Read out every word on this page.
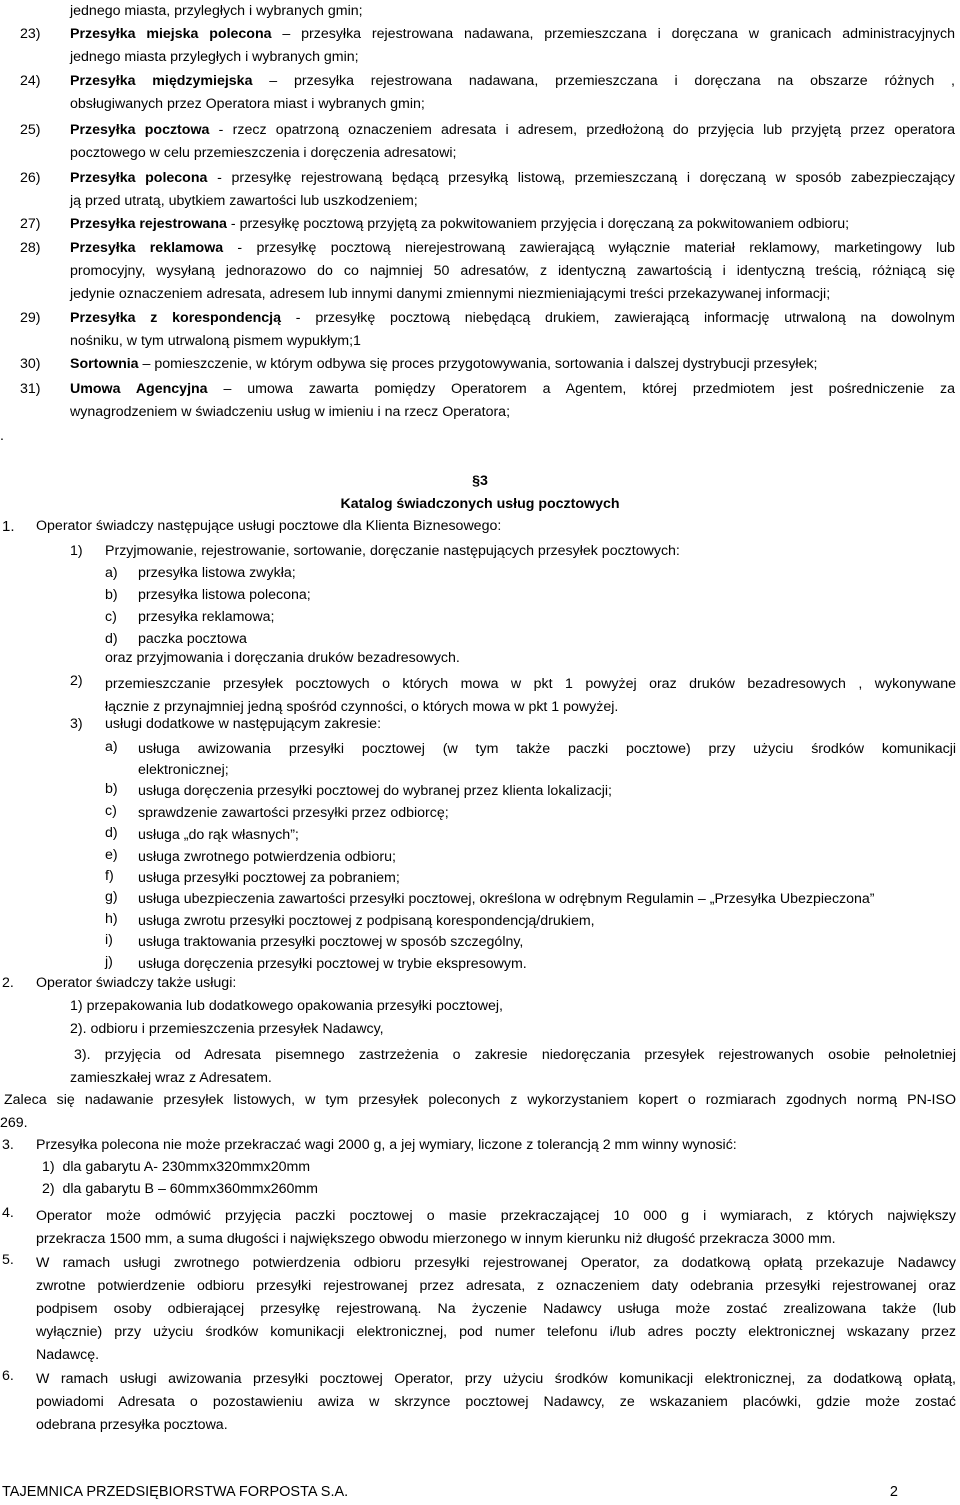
jednego miasta, przyległych i wybranych gmin;
23) Przesyłka miejska polecona – przesyłka rejestrowana nadawana, przemieszczana i doręczana w granicach administracyjnych
jednego miasta przyległych i wybranych gmin;
24) Przesyłka międzymiejska – przesyłka rejestrowana nadawana, przemieszczana i doręczana na obszarze różnych ,
obsługiwanych przez Operatora miast i wybranych gmin;
25) Przesyłka pocztowa - rzecz opatrzoną oznaczeniem adresata i adresem, przedłożoną do przyjęcia lub przyjętą przez operatora
pocztowego w celu przemieszczenia i doręczenia adresatowi;
26) Przesyłka polecona - przesyłkę rejestrowaną będącą przesyłką listową, przemieszczaną i doręczaną w sposób zabezpieczający
ją przed utratą, ubytkiem zawartości lub uszkodzeniem;
27) Przesyłka rejestrowana - przesyłkę pocztową przyjętą za pokwitowaniem przyjęcia i doręczaną za pokwitowaniem odbioru;
28) Przesyłka reklamowa - przesyłkę pocztową nierejestrowaną zawierającą wyłącznie materiał reklamowy, marketingowy lub
promocyjny, wysyłaną jednorazowo do co najmniej 50 adresatów, z identyczną zawartością i identyczną treścią, różniącą się
jedynie oznaczeniem adresata, adresem lub innymi danymi zmiennymi niezmieniającymi treści przekazywanej informacji;
29) Przesyłka z korespondencją - przesyłkę pocztową niebędącą drukiem, zawierającą informację utrwaloną na dowolnym
nośniku, w tym utrwaloną pismem wypukłym;1
30) Sortownia – pomieszczenie, w którym odbywa się proces przygotowywania, sortowania i dalszej dystrybucji przesyłek;
31) Umowa Agencyjna – umowa zawarta pomiędzy Operatorem a Agentem, której przedmiotem jest pośredniczenie za
wynagrodzeniem w świadczeniu usług w imieniu i na rzecz Operatora;
.
§3
Katalog świadczonych usług pocztowych
1. Operator świadczy następujące usługi pocztowe dla Klienta Biznesowego:
1) Przyjmowanie, rejestrowanie, sortowanie, doręczanie następujących przesyłek pocztowych:
a) przesyłka listowa zwykła;
b) przesyłka listowa polecona;
c) przesyłka reklamowa;
d) paczka pocztowa
oraz przyjmowania i doręczania druków bezadresowych.
2) przemieszczanie przesyłek pocztowych o których mowa w pkt 1 powyżej oraz druków bezadresowych , wykonywane
łącznie z przynajmniej jedną spośród czynności, o których mowa w pkt 1 powyżej.
3) usługi dodatkowe w następującym zakresie:
a) usługa awizowania przesyłki pocztowej (w tym także paczki pocztowe) przy użyciu środków komunikacji
elektronicznej;
b) usługa doręczenia przesyłki pocztowej do wybranej przez klienta lokalizacji;
c) sprawdzenie zawartości przesyłki przez odbiorcę;
d) usługa „do rąk własnych”;
e) usługa zwrotnego potwierdzenia odbioru;
f) usługa przesyłki pocztowej za pobraniem;
g) usługa ubezpieczenia zawartości przesyłki pocztowej, określona w odrębnym Regulamin – „Przesyłka Ubezpieczona”
h) usługa zwrotu przesyłki pocztowej z podpisaną korespondencją/drukiem,
i) usługa traktowania przesyłki pocztowej w sposób szczególny,
j) usługa doręczenia przesyłki pocztowej w trybie ekspresowym.
2. Operator świadczy także usługi:
1) przepakowania lub dodatkowego opakowania przesyłki pocztowej,
2). odbioru i przemieszczenia przesyłek Nadawcy,
3). przyjęcia od Adresata pisemnego zastrzeżenia o zakresie niedoręczania przesyłek rejestrowanych osobie pełnoletniej
zamieszkałej wraz z Adresatem.
Zaleca się nadawanie przesyłek listowych, w tym przesyłek poleconych z wykorzystaniem kopert o rozmiarach zgodnych normą PN-ISO
269.
3. Przesyłka polecona nie może przekraczać wagi 2000 g, a jej wymiary, liczone z tolerancją 2 mm winny wynosić:
1) dla gabarytu A- 230mmx320mmx20mm
2) dla gabarytu B – 60mmx360mmx260mm
4. Operator może odmówić przyjęcia paczki pocztowej o masie przekraczającej 10 000 g i wymiarach, z których największy
przekracza 1500 mm, a suma długości i największego obwodu mierzonego w innym kierunku niż długość przekracza 3000 mm.
5. W ramach usługi zwrotnego potwierdzenia odbioru przesyłki rejestrowanej Operator, za dodatkową opłatą przekazuje Nadawcy
zwrotne potwierdzenie odbioru przesyłki rejestrowanej przez adresata, z oznaczeniem daty odebrania przesyłki rejestrowanej oraz
podpisem osoby odbierającej przesyłkę rejestrowaną. Na życzenie Nadawcy usługa może zostać zrealizowana także (lub
wyłącznie) przy użyciu środków komunikacji elektronicznej, pod numer telefonu i/lub adres poczty elektronicznej wskazany przez
Nadawcę.
6. W ramach usługi awizowania przesyłki pocztowej Operator, przy użyciu środków komunikacji elektronicznej, za dodatkową opłatą,
powiadomi Adresata o pozostawieniu awiza w skrzynce pocztowej Nadawcy, ze wskazaniem placówki, gdzie może zostać
odebrana przesyłka pocztowa.
TAJEMNICA PRZEDSIĘBIORSTWA FORPOSTA S.A.	2
